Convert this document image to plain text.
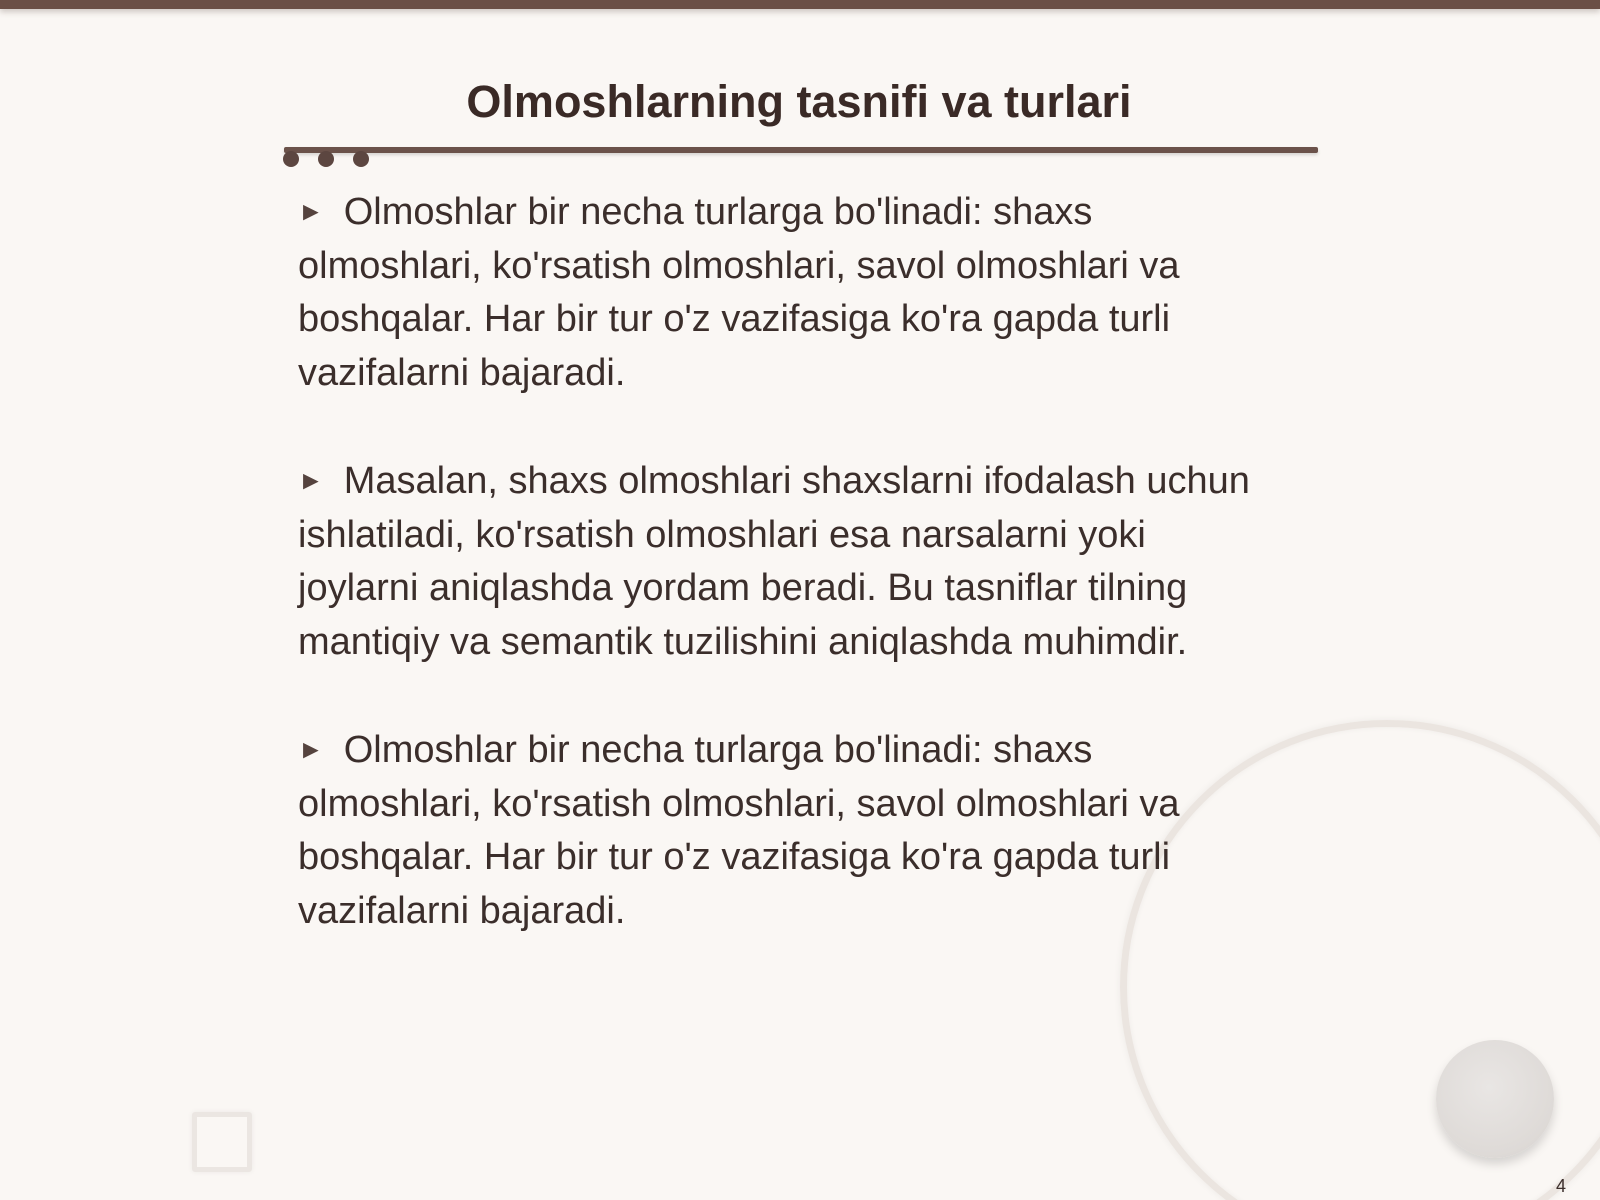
Olmoshlarning tasnifi va turlari

► Olmoshlar bir necha turlarga bo'linadi: shaxs olmoshlari, ko'rsatish olmoshlari, savol olmoshlari va boshqalar. Har bir tur o'z vazifasiga ko'ra gapda turli vazifalarni bajaradi.

► Masalan, shaxs olmoshlari shaxslarni ifodalash uchun ishlatiladi, ko'rsatish olmoshlari esa narsalarni yoki joylarni aniqlashda yordam beradi. Bu tasniflar tilning mantiqiy va semantik tuzilishini aniqlashda muhimdir.

► Olmoshlar bir necha turlarga bo'linadi: shaxs olmoshlari, ko'rsatish olmoshlari, savol olmoshlari va boshqalar. Har bir tur o'z vazifasiga ko'ra gapda turli vazifalarni bajaradi.

4
